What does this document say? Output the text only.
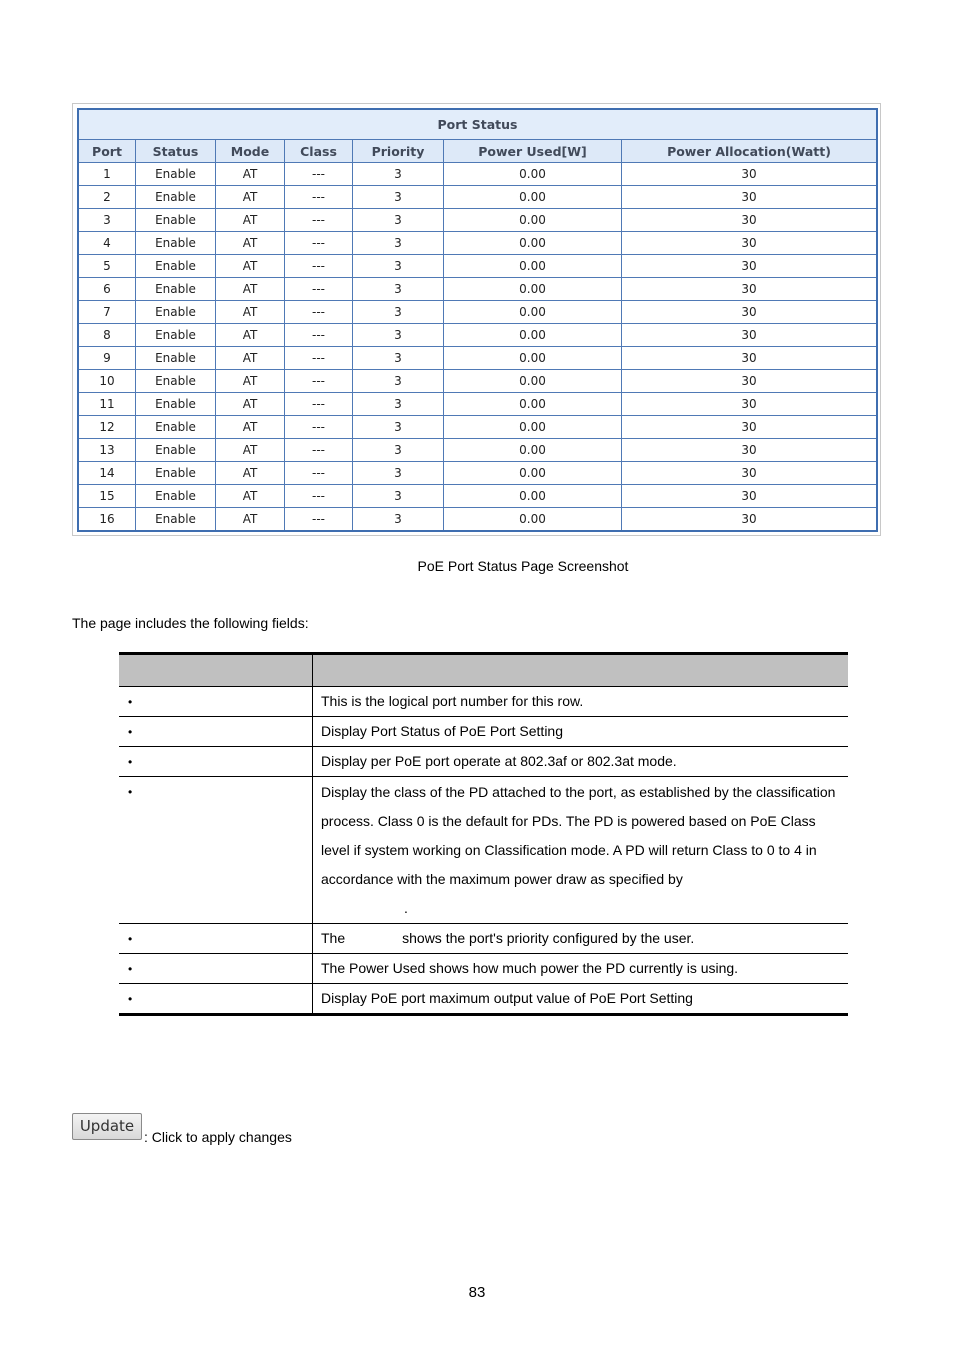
Port Status						
Port	Status	Mode	Class	Priority	Power Used[W]	Power Allocation(Watt)
1	Enable	AT	---	3	0.00	30
2	Enable	AT	---	3	0.00	30
3	Enable	AT	---	3	0.00	30
4	Enable	AT	---	3	0.00	30
5	Enable	AT	---	3	0.00	30
6	Enable	AT	---	3	0.00	30
7	Enable	AT	---	3	0.00	30
8	Enable	AT	---	3	0.00	30
9	Enable	AT	---	3	0.00	30
10	Enable	AT	---	3	0.00	30
11	Enable	AT	---	3	0.00	30
12	Enable	AT	---	3	0.00	30
13	Enable	AT	---	3	0.00	30
14	Enable	AT	---	3	0.00	30
15	Enable	AT	---	3	0.00	30
16	Enable	AT	---	3	0.00	30
PoE Port Status Page Screenshot
The page includes the following fields:

•	This is the logical port number for this row.
•	Display Port Status of PoE Port Setting
•	Display per PoE port operate at 802.3af or 802.3at mode.
•	Display the class of the PD attached to the port, as established by the classification process. Class 0 is the default for PDs. The PD is powered based on PoE Class level if system working on Classification mode. A PD will return Class to 0 to 4 in accordance with the maximum power draw as specified by
.
•	The shows the port's priority configured by the user.
•	The Power Used shows how much power the PD currently is using.
•	Display PoE port maximum output value of PoE Port Setting
Update
: Click to apply changes
83
